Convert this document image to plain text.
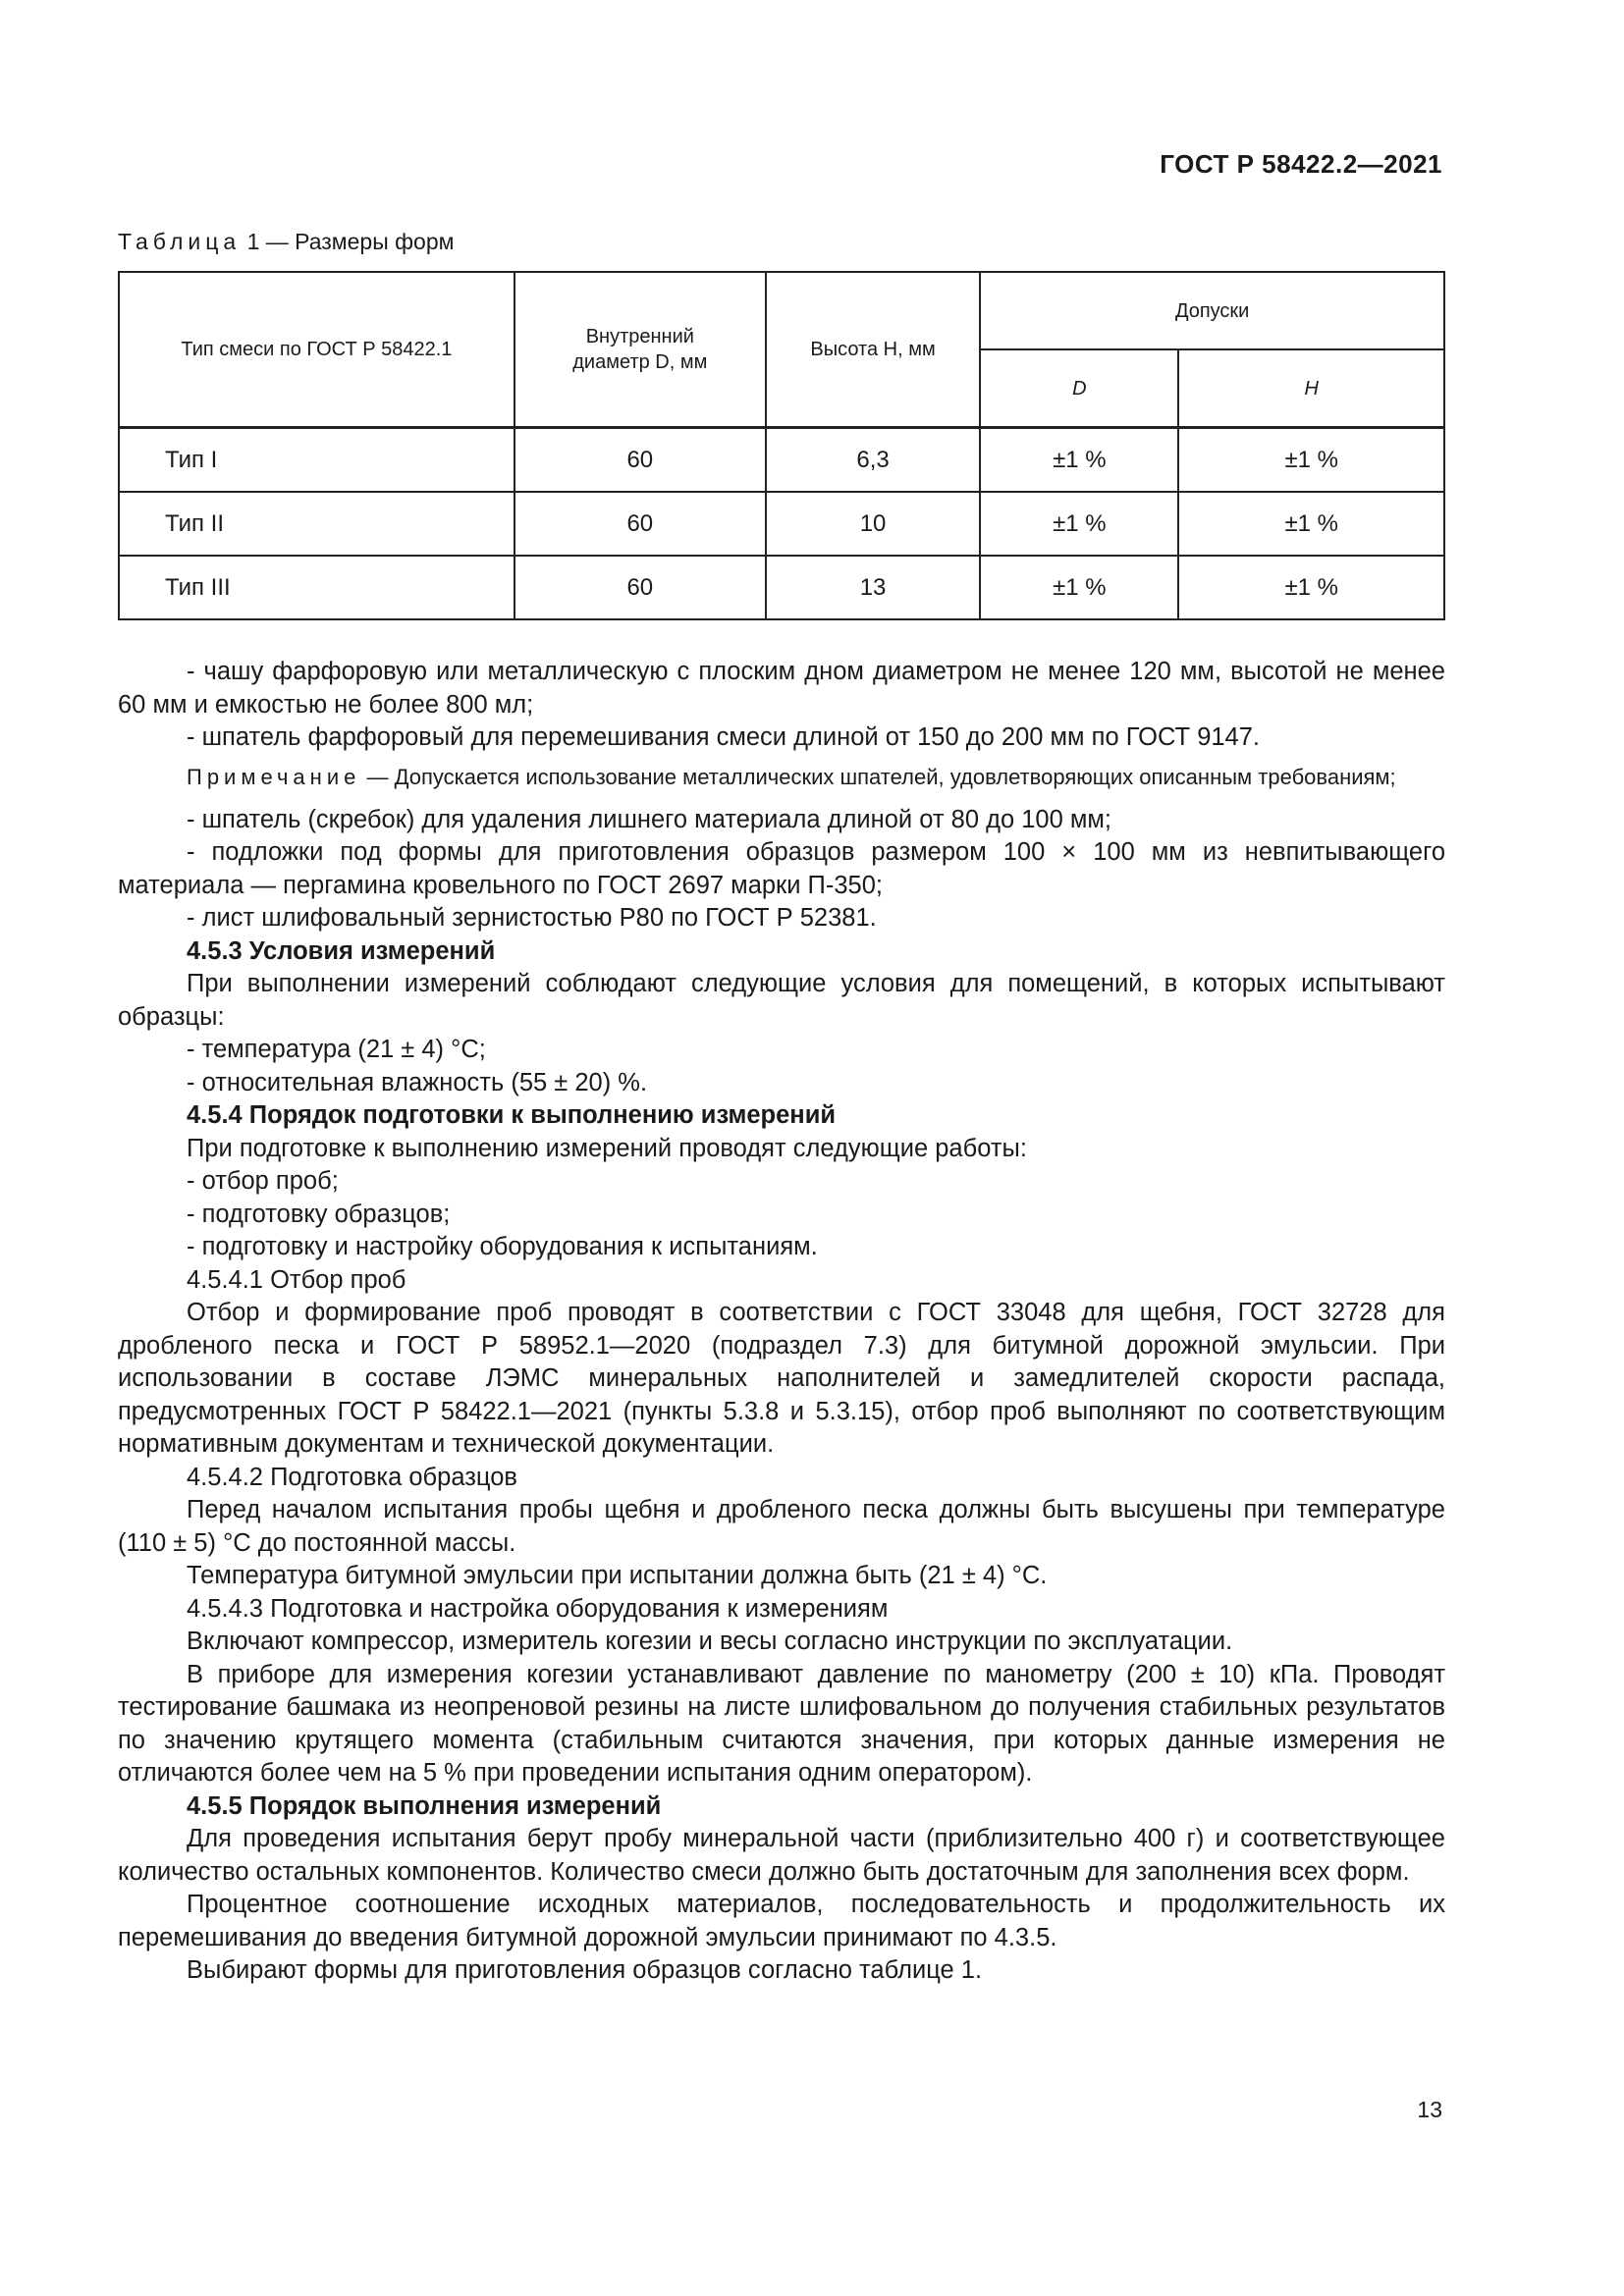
ГОСТ Р 58422.2—2021
Таблица 1 — Размеры форм
Тип смеси по ГОСТ Р 58422.1	Внутренний диаметр D, мм	Высота H, мм	Допуски	
			D	H
Тип I	60	6,3	±1 %	±1 %
Тип II	60	10	±1 %	±1 %
Тип III	60	13	±1 %	±1 %

- чашу фарфоровую или металлическую с плоским дном диаметром не менее 120 мм, высотой не менее 60 мм и емкостью не более 800 мл;

- шпатель фарфоровый для перемешивания смеси длиной от 150 до 200 мм по ГОСТ 9147.

Примечание — Допускается использование металлических шпателей, удовлетворяющих описанным требованиям;

- шпатель (скребок) для удаления лишнего материала длиной от 80 до 100 мм;

- подложки под формы для приготовления образцов размером 100 × 100 мм из невпитывающего материала — пергамина кровельного по ГОСТ 2697 марки П-350;

- лист шлифовальный зернистостью Р80 по ГОСТ Р 52381.

4.5.3 Условия измерений

При выполнении измерений соблюдают следующие условия для помещений, в которых испытывают образцы:

- температура (21 ± 4) °С;

- относительная влажность (55 ± 20) %.

4.5.4 Порядок подготовки к выполнению измерений

При подготовке к выполнению измерений проводят следующие работы:

- отбор проб;

- подготовку образцов;

- подготовку и настройку оборудования к испытаниям.

4.5.4.1 Отбор проб

Отбор и формирование проб проводят в соответствии с ГОСТ 33048 для щебня, ГОСТ 32728 для дробленого песка и ГОСТ Р 58952.1—2020 (подраздел 7.3) для битумной дорожной эмульсии. При использовании в составе ЛЭМС минеральных наполнителей и замедлителей скорости распада, предусмотренных ГОСТ Р 58422.1—2021 (пункты 5.3.8 и 5.3.15), отбор проб выполняют по соответствующим нормативным документам и технической документации.

4.5.4.2 Подготовка образцов

Перед началом испытания пробы щебня и дробленого песка должны быть высушены при температуре (110 ± 5) °С до постоянной массы.

Температура битумной эмульсии при испытании должна быть (21 ± 4) °С.

4.5.4.3 Подготовка и настройка оборудования к измерениям

Включают компрессор, измеритель когезии и весы согласно инструкции по эксплуатации.

В приборе для измерения когезии устанавливают давление по манометру (200 ± 10) кПа. Проводят тестирование башмака из неопреновой резины на листе шлифовальном до получения стабильных результатов по значению крутящего момента (стабильным считаются значения, при которых данные измерения не отличаются более чем на 5 % при проведении испытания одним оператором).

4.5.5 Порядок выполнения измерений

Для проведения испытания берут пробу минеральной части (приблизительно 400 г) и соответствующее количество остальных компонентов. Количество смеси должно быть достаточным для заполнения всех форм.

Процентное соотношение исходных материалов, последовательность и продолжительность их перемешивания до введения битумной дорожной эмульсии принимают по 4.3.5.

Выбирают формы для приготовления образцов согласно таблице 1.

13
